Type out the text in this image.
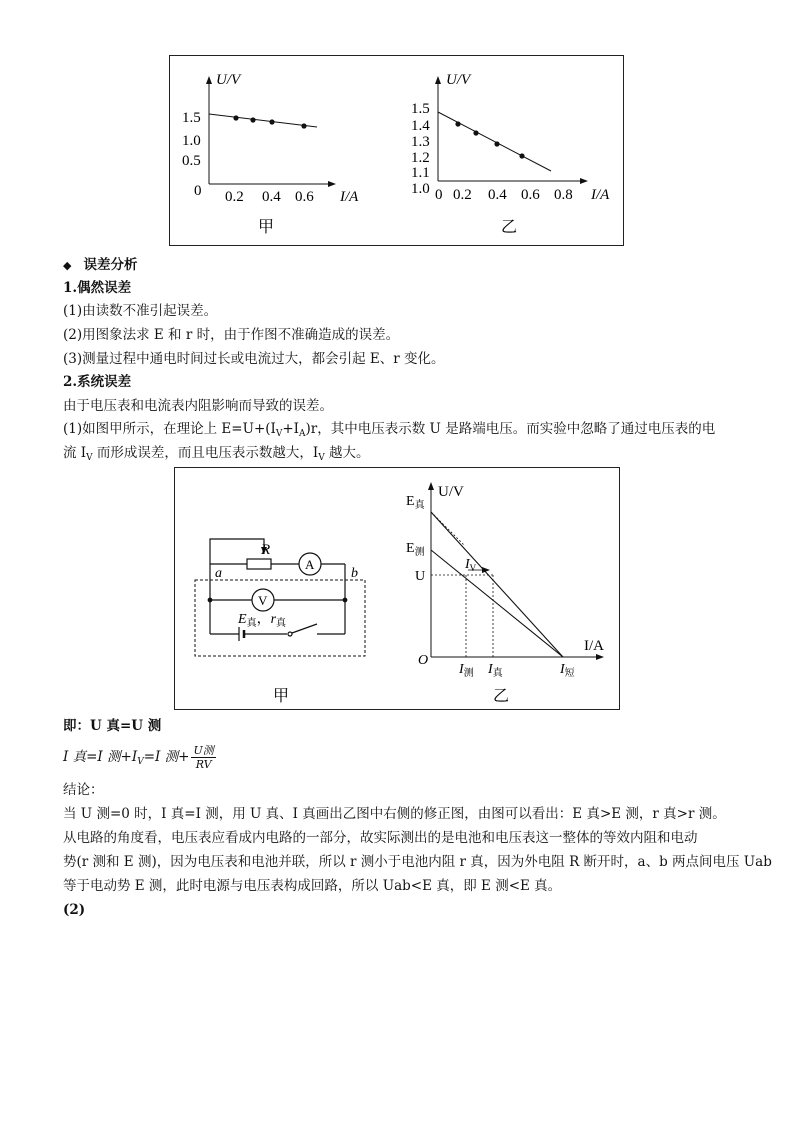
U/V
I/A
1.5
1.0
0.5
0 0.2 0.4 0.6
甲
U/V
I/A
1.5
1.4
1.3
1.2
1.1
1.0 0 0.2 0.4 0.6 0.8
乙
◆ 误差分析
1.偶然误差
(1)由读数不准引起误差。
(2)用图象法求 E 和 r 时，由于作图不准确造成的误差。
(3)测量过程中通电时间过长或电流过大，都会引起 E、r 变化。
2.系统误差
由于电压表和电流表内阻影响而导致的误差。
(1)如图甲所示，在理论上 $E=U+(I_V+I_A)r$，其中电压表示数 U 是路端电压。而实验中忽略了通过电压表的电
流 $I_V$ 而形成误差，而且电压表示数越大，$I_V$ 越大。
R
A
V
a	b
$E_真$，$r_真$
甲
U/V
I/A
$E_真$
$E_测$
U
O
$I_V$
$I_测$ $I_真$	$I_短$
乙
即：U 真=U 测
I 真=I 测$+I_V=I$ 测+ $\frac{\text{U测}}{RV}$
结论：
当 U 测=0 时，I 真=I 测，用 U 真、I 真画出乙图中右侧的修正图，由图可以看出：E 真>E 测，r 真>r 测。
从电路的角度看，电压表应看成内电路的一部分，故实际测出的是电池和电压表这一整体的等效内阻和电动
势(r 测和 E 测)，因为电压表和电池并联，所以 r 测小于电池内阻 r 真，因为外电阻 R 断开时，a、b 两点间电压 Uab
等于电动势 E 测，此时电源与电压表构成回路，所以 Uab<E 真，即 E 测<E 真。
(2)
